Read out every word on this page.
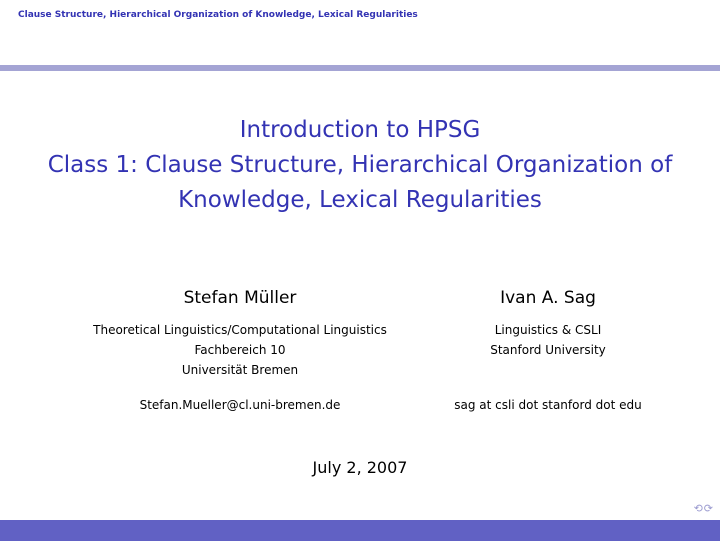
Clause Structure, Hierarchical Organization of Knowledge, Lexical Regularities
Introduction to HPSG
Class 1: Clause Structure, Hierarchical Organization of
Knowledge, Lexical Regularities
Stefan Müller
Theoretical Linguistics/Computational Linguistics
Fachbereich 10
Universität Bremen
Stefan.Mueller@cl.uni-bremen.de
Ivan A. Sag
Linguistics & CSLI
Stanford University
sag at csli dot stanford dot edu
July 2, 2007
⟲⟳
